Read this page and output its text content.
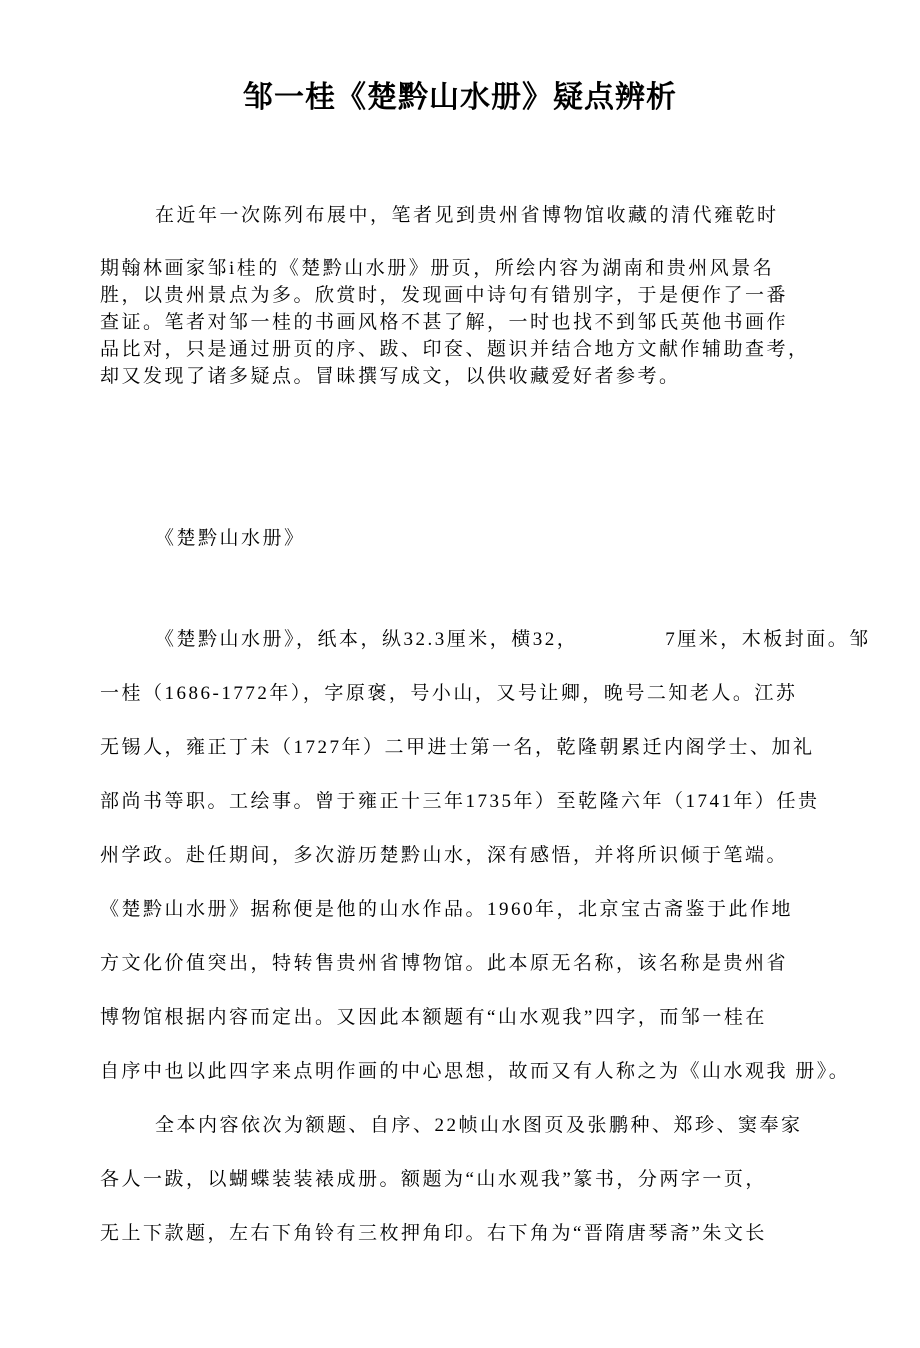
邹一桂《楚黔山水册》疑点辨析
在近年一次陈列布展中，笔者见到贵州省博物馆收藏的清代雍乾时
期翰林画家邹i桂的《楚黔山水册》册页，所绘内容为湖南和贵州风景名
胜，以贵州景点为多。欣赏时，发现画中诗句有错别字，于是便作了一番
查证。笔者对邹一桂的书画风格不甚了解，一时也找不到邹氏英他书画作
品比对，只是通过册页的序、跋、印奁、题识并结合地方文献作辅助查考，
却又发现了诸多疑点。冒昧撰写成文，以供收藏爱好者参考。
《楚黔山水册》
《楚黔山水册》，纸本，纵32.3厘米，横32，            7厘米，木板封面。邹
一桂（1686-1772年），字原褒，号小山，又号让卿，晚号二知老人。江苏
无锡人，雍正丁未（1727年）二甲进士第一名，乾隆朝累迁内阁学士、加礼
部尚书等职。工绘事。曾于雍正十三年1735年）至乾隆六年（1741年）任贵
州学政。赴任期间，多次游历楚黔山水，深有感悟，并将所识倾于笔端。
《楚黔山水册》据称便是他的山水作品。1960年，北京宝古斋鉴于此作地
方文化价值突出，特转售贵州省博物馆。此本原无名称，该名称是贵州省
博物馆根据内容而定出。又因此本额题有“山水观我”四字，而邹一桂在
自序中也以此四字来点明作画的中心思想，故而又有人称之为《山水观我 册》。
全本内容依次为额题、自序、22帧山水图页及张鹏种、郑珍、窦奉家
各人一跋，以蝴蝶装装裱成册。额题为“山水观我”篆书，分两字一页，
无上下款题，左右下角铃有三枚押角印。右下角为“晋隋唐琴斋”朱文长
